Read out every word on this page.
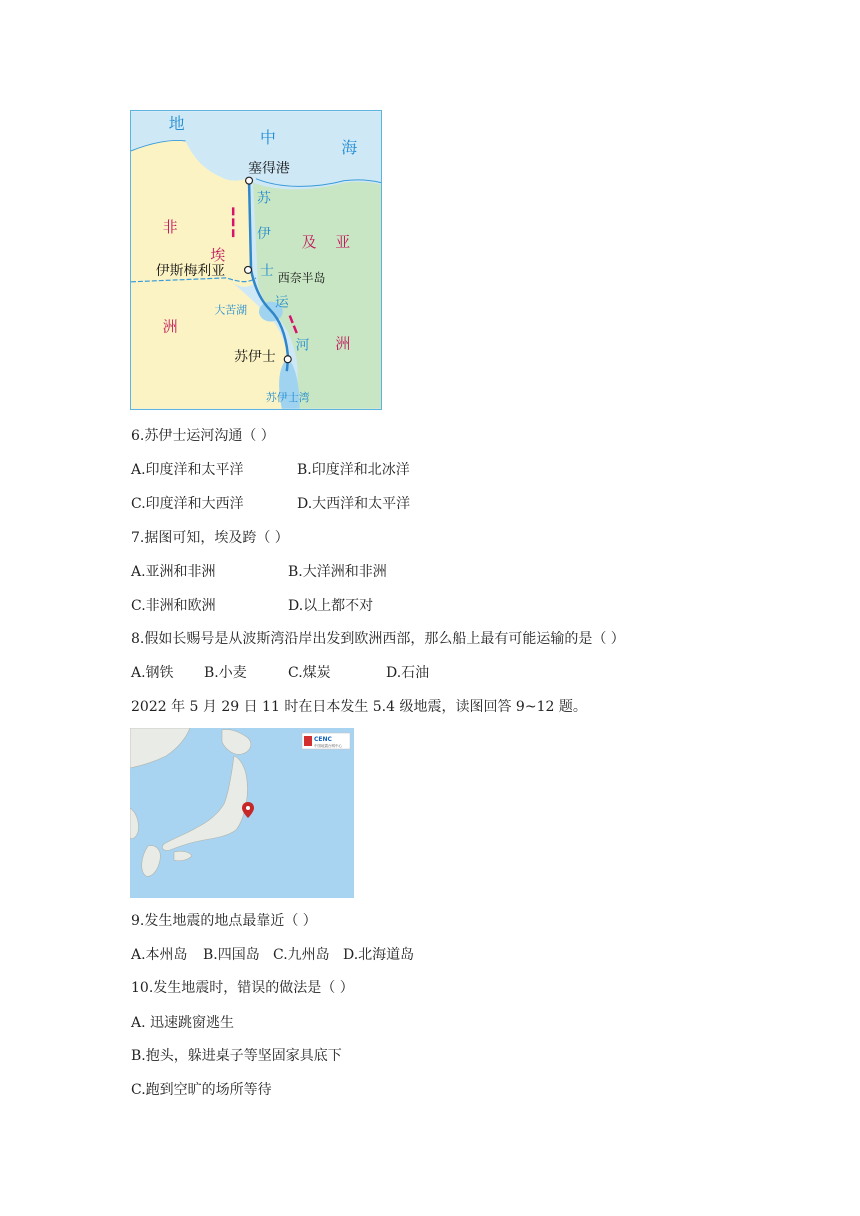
地
中
海
塞得港
非
洲
埃
及 亚
洲
伊斯梅利亚	西奈半岛
大苦湖
苏伊士
苏伊士湾
苏
伊
士
运
河
6.苏伊士运河沟通（ ）
A.印度洋和太平洋	B.印度洋和北冰洋
C.印度洋和大西洋	D.大西洋和太平洋
7.据图可知，埃及跨（ ）
A.亚洲和非洲	B.大洋洲和非洲
C.非洲和欧洲	D.以上都不对
8.假如长赐号是从波斯湾沿岸出发到欧洲西部，那么船上最有可能运输的是（ ）
A.钢铁 B.小麦	C.煤炭	D.石油
2022 年 5 月 29 日 11 时在日本发生 5.4 级地震，读图回答 9~12 题。
CENC
中国地震台网中心
9.发生地震的地点最靠近（ ）
A.本州岛 B.四国岛 C.九州岛 D.北海道岛
10.发生地震时，错误的做法是（ ）
A. 迅速跳窗逃生
B.抱头，躲进桌子等坚固家具底下
C.跑到空旷的场所等待
